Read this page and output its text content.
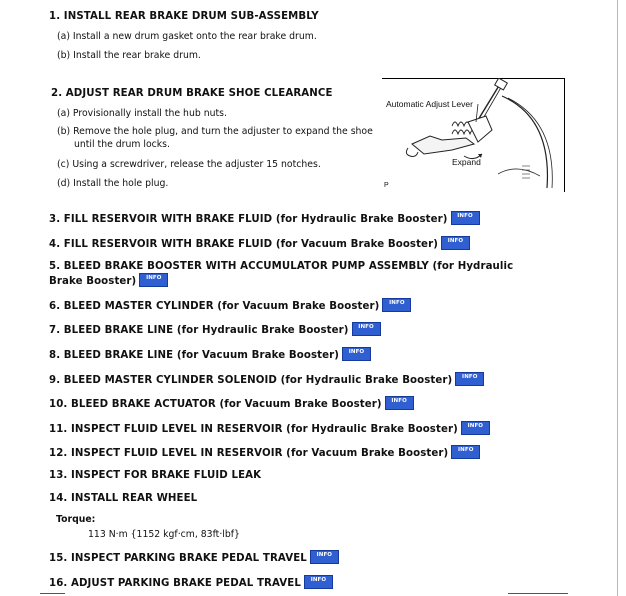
1. INSTALL REAR BRAKE DRUM SUB-ASSEMBLY
(a) Install a new drum gasket onto the rear brake drum.
(b) Install the rear brake drum.
2. ADJUST REAR DRUM BRAKE SHOE CLEARANCE
(a) Provisionally install the hub nuts.
(b) Remove the hole plug, and turn the adjuster to expand the shoe
until the drum locks.
(c) Using a screwdriver, release the adjuster 15 notches.
(d) Install the hole plug.
Automatic Adjust Lever
Expand
P
3. FILL RESERVOIR WITH BRAKE FLUID (for Hydraulic Brake Booster) INFO
4. FILL RESERVOIR WITH BRAKE FLUID (for Vacuum Brake Booster) INFO
5. BLEED BRAKE BOOSTER WITH ACCUMULATOR PUMP ASSEMBLY (for Hydraulic Brake Booster) INFO
6. BLEED MASTER CYLINDER (for Vacuum Brake Booster) INFO
7. BLEED BRAKE LINE (for Hydraulic Brake Booster) INFO
8. BLEED BRAKE LINE (for Vacuum Brake Booster) INFO
9. BLEED MASTER CYLINDER SOLENOID (for Hydraulic Brake Booster) INFO
10. BLEED BRAKE ACTUATOR (for Vacuum Brake Booster) INFO
11. INSPECT FLUID LEVEL IN RESERVOIR (for Hydraulic Brake Booster) INFO
12. INSPECT FLUID LEVEL IN RESERVOIR (for Vacuum Brake Booster) INFO
13. INSPECT FOR BRAKE FLUID LEAK
14. INSTALL REAR WHEEL
Torque:
113 N·m {1152 kgf·cm, 83ft·lbf}
15. INSPECT PARKING BRAKE PEDAL TRAVEL INFO
16. ADJUST PARKING BRAKE PEDAL TRAVEL INFO
